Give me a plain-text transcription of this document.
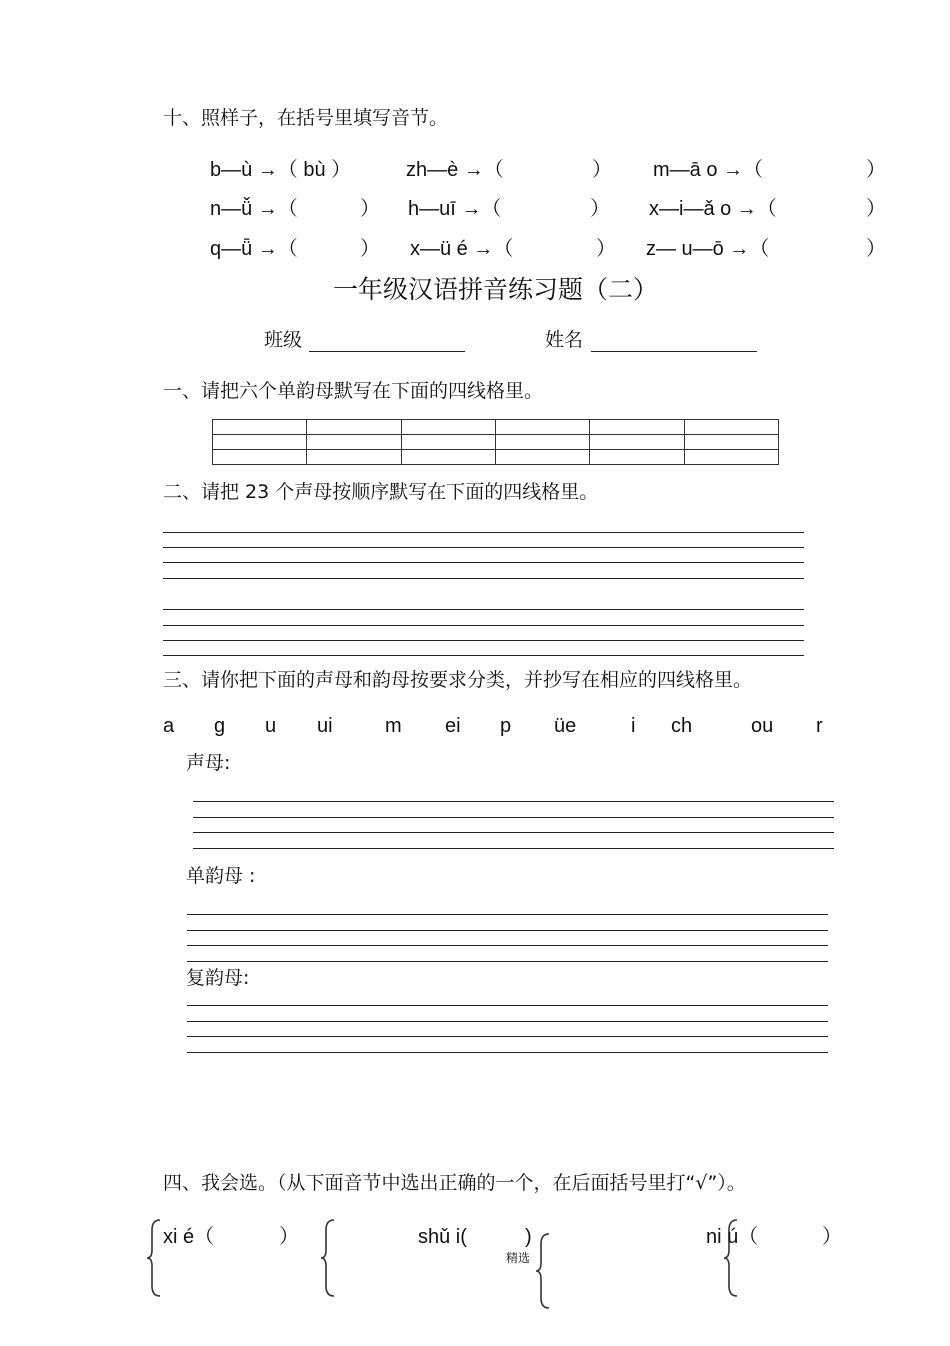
十、照样子，在括号里填写音节。
b—ù →（ bù ）	zh—è →（	） m—ā o →（	）
n—ǚ →（	） h—uī →（	） x—i—ǎ o →（	）
q—ǖ →（	） x—ü é →（	） z— u—ō →（	）
一年级汉语拼音练习题（二）
班级	姓名
一、请把六个单韵母默写在下面的四线格里。

二、请把 23 个声母按顺序默写在下面的四线格里。
三、请你把下面的声母和韵母按要求分类，并抄写在相应的四线格里。
a g u ui	m ei p üe	i ch	ou r
声母:
单韵母 :
复韵母:
四、我会选。（从下面音节中选出正确的一个，在后面括号里打“√”）。
xi é（	）	shǔ i(	)	ni ú（	）
精选
